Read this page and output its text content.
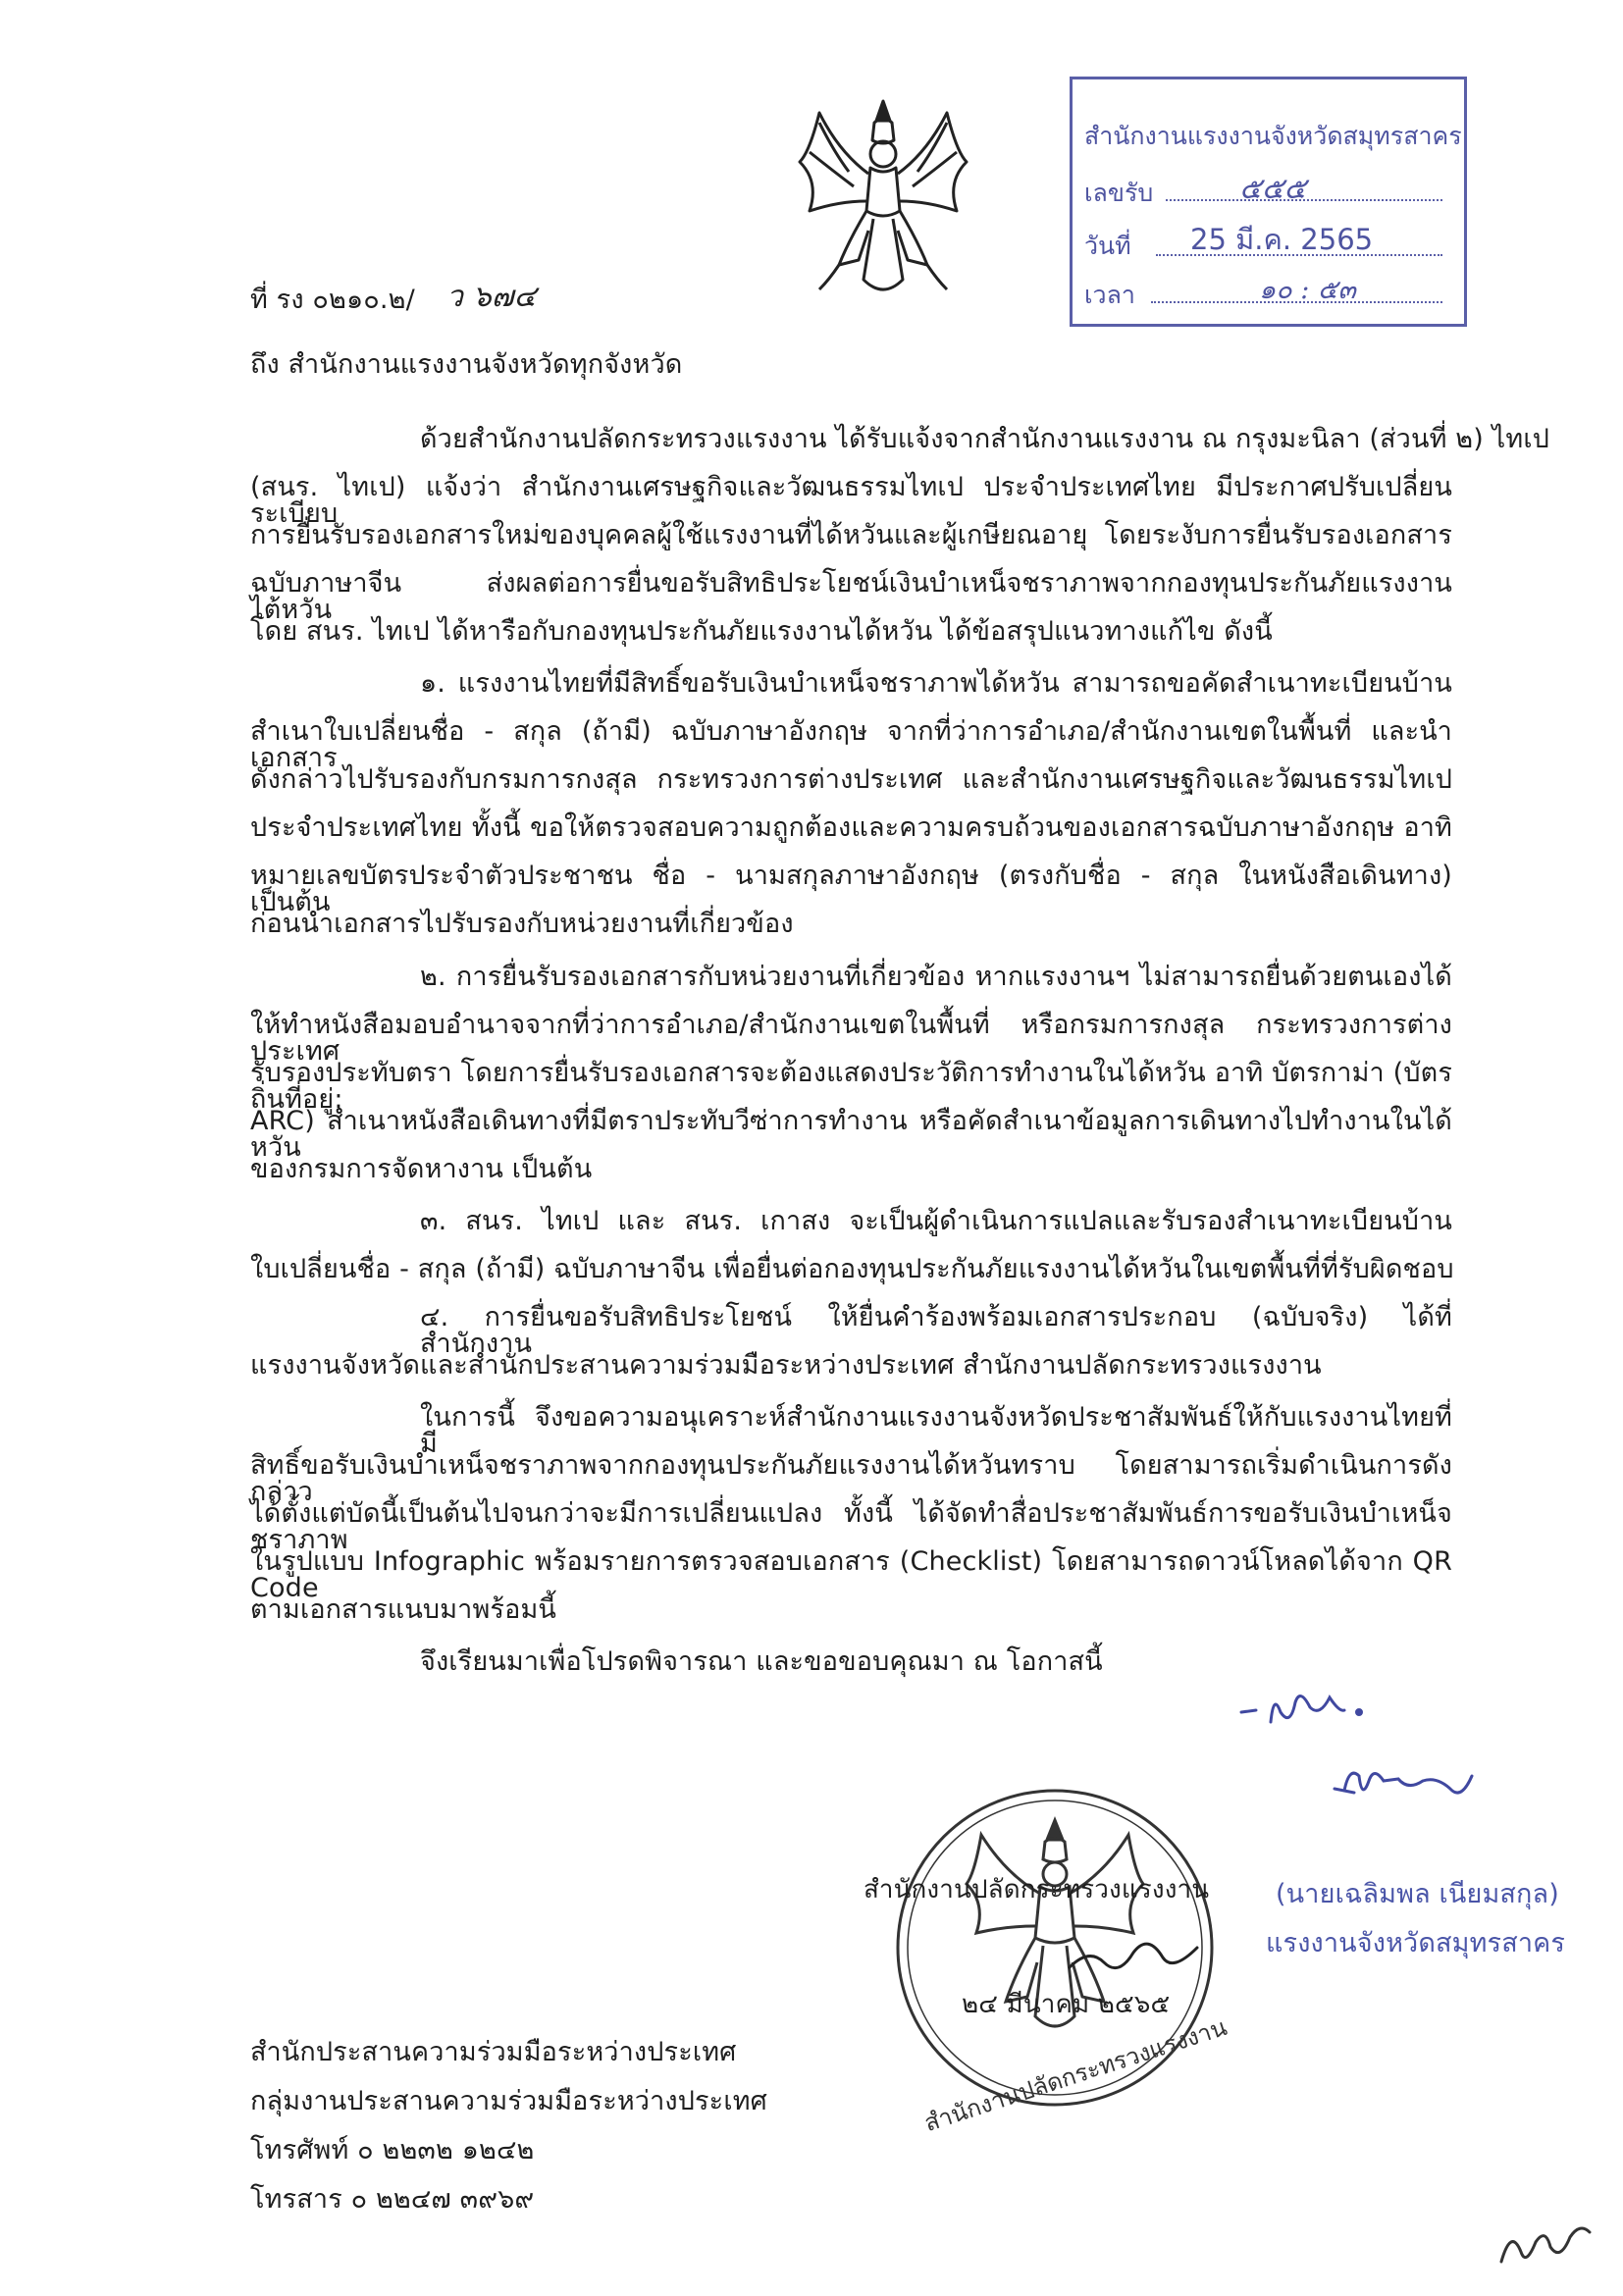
สำนักงานแรงงานจังหวัดสมุทรสาคร
เลขรับ	๕๕๕
วันที่ 25 มี.ค. 2565
เวลา	๑๐ : ๕๓
ที่ รง ๐๒๑๐.๒/ ว ๖๗๔
ถึง สำนักงานแรงงานจังหวัดทุกจังหวัด
ด้วยสำนักงานปลัดกระทรวงแรงงาน ได้รับแจ้งจากสำนักงานแรงงาน ณ กรุงมะนิลา (ส่วนที่ ๒) ไทเป
(สนร. ไทเป) แจ้งว่า สำนักงานเศรษฐกิจและวัฒนธรรมไทเป ประจำประเทศไทย มีประกาศปรับเปลี่ยนระเบียบ
การยื่นรับรองเอกสารใหม่ของบุคคลผู้ใช้แรงงานที่ได้หวันและผู้เกษียณอายุ โดยระงับการยื่นรับรองเอกสาร
ฉบับภาษาจีน ส่งผลต่อการยื่นขอรับสิทธิประโยชน์เงินบำเหน็จชราภาพจากกองทุนประกันภัยแรงงานไต้หวัน
โดย สนร. ไทเป ได้หารือกับกองทุนประกันภัยแรงงานได้หวัน ได้ข้อสรุปแนวทางแก้ไข ดังนี้
๑. แรงงานไทยที่มีสิทธิ์ขอรับเงินบำเหน็จชราภาพได้หวัน สามารถขอคัดสำเนาทะเบียนบ้าน
สำเนาใบเปลี่ยนชื่อ - สกุล (ถ้ามี) ฉบับภาษาอังกฤษ จากที่ว่าการอำเภอ/สำนักงานเขตในพื้นที่ และนำเอกสาร
ดังกล่าวไปรับรองกับกรมการกงสุล กระทรวงการต่างประเทศ และสำนักงานเศรษฐกิจและวัฒนธรรมไทเป
ประจำประเทศไทย ทั้งนี้ ขอให้ตรวจสอบความถูกต้องและความครบถ้วนของเอกสารฉบับภาษาอังกฤษ อาทิ
หมายเลขบัตรประจำตัวประชาชน ชื่อ - นามสกุลภาษาอังกฤษ (ตรงกับชื่อ - สกุล ในหนังสือเดินทาง) เป็นต้น
ก่อนนำเอกสารไปรับรองกับหน่วยงานที่เกี่ยวข้อง
๒. การยื่นรับรองเอกสารกับหน่วยงานที่เกี่ยวข้อง หากแรงงานฯ ไม่สามารถยื่นด้วยตนเองได้
ให้ทำหนังสือมอบอำนาจจากที่ว่าการอำเภอ/สำนักงานเขตในพื้นที่ หรือกรมการกงสุล กระทรวงการต่างประเทศ
รับรองประทับตรา โดยการยื่นรับรองเอกสารจะต้องแสดงประวัติการทำงานในได้หวัน อาทิ บัตรกาม่า (บัตรถิ่นที่อยู่:
ARC) สำเนาหนังสือเดินทางที่มีตราประทับวีซ่าการทำงาน หรือคัดสำเนาข้อมูลการเดินทางไปทำงานในได้หวัน
ของกรมการจัดหางาน เป็นต้น
๓. สนร. ไทเป และ สนร. เกาสง จะเป็นผู้ดำเนินการแปลและรับรองสำเนาทะเบียนบ้าน
ใบเปลี่ยนชื่อ - สกุล (ถ้ามี) ฉบับภาษาจีน เพื่อยื่นต่อกองทุนประกันภัยแรงงานได้หวันในเขตพื้นที่ที่รับผิดชอบ
๔. การยื่นขอรับสิทธิประโยชน์ ให้ยื่นคำร้องพร้อมเอกสารประกอบ (ฉบับจริง) ได้ที่สำนักงาน
แรงงานจังหวัดและสำนักประสานความร่วมมือระหว่างประเทศ สำนักงานปลัดกระทรวงแรงงาน
ในการนี้ จึงขอความอนุเคราะห์สำนักงานแรงงานจังหวัดประชาสัมพันธ์ให้กับแรงงานไทยที่มี
สิทธิ์ขอรับเงินบำเหน็จชราภาพจากกองทุนประกันภัยแรงงานได้หวันทราบ โดยสามารถเริ่มดำเนินการดังกล่าว
ได้ตั้งแต่บัดนี้เป็นต้นไปจนกว่าจะมีการเปลี่ยนแปลง ทั้งนี้ ได้จัดทำสื่อประชาสัมพันธ์การขอรับเงินบำเหน็จชราภาพ
ในรูปแบบ Infographic พร้อมรายการตรวจสอบเอกสาร (Checklist) โดยสามารถดาวน์โหลดได้จาก QR Code
ตามเอกสารแนบมาพร้อมนี้
จึงเรียนมาเพื่อโปรดพิจารณา และขอขอบคุณมา ณ โอกาสนี้
สำนักงานปลัดกระทรวงแรงงาน
สำนักงานปลัดกระทรวงแรงงาน
๒๔ มีนาคม ๒๕๖๕
(นายเฉลิมพล เนียมสกุล)
แรงงานจังหวัดสมุทรสาคร
สำนักประสานความร่วมมือระหว่างประเทศ
กลุ่มงานประสานความร่วมมือระหว่างประเทศ
โทรศัพท์ ๐ ๒๒๓๒ ๑๒๔๒
โทรสาร ๐ ๒๒๔๗ ๓๙๖๙
